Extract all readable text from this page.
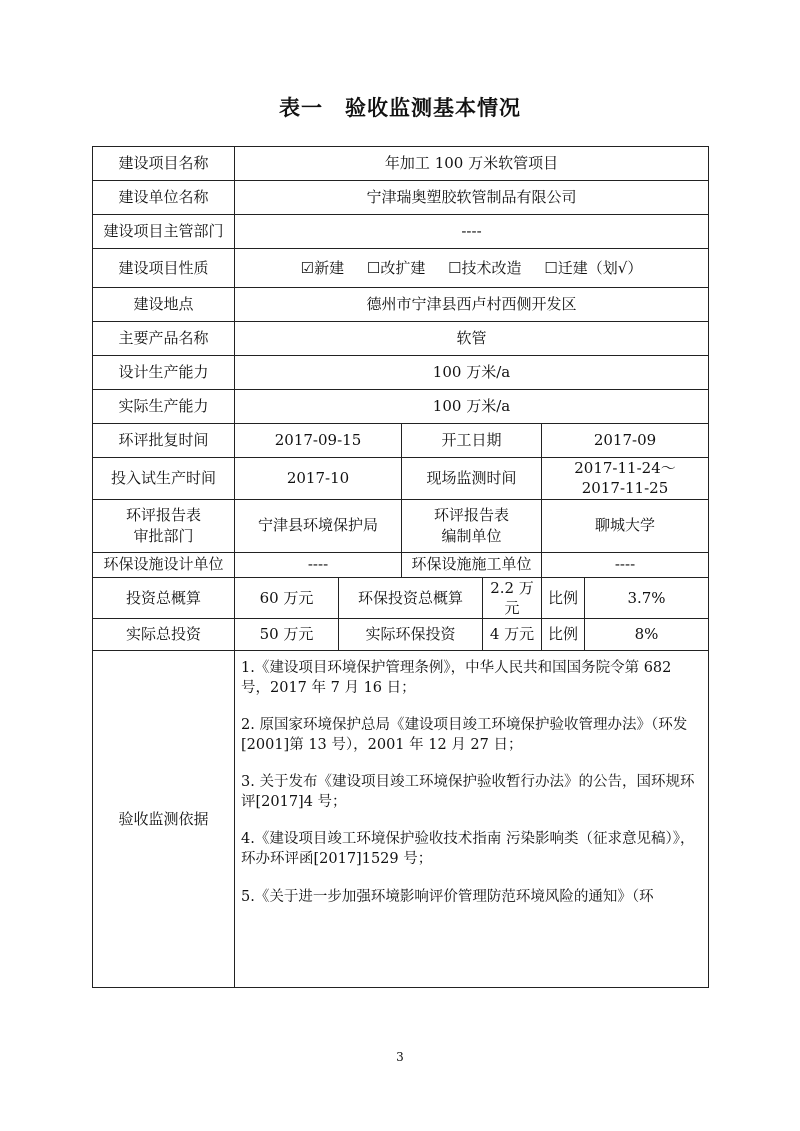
表一 验收监测基本情况
建设项目名称	年加工 100 万米软管项目					
建设单位名称	宁津瑞奥塑胶软管制品有限公司					
建设项目主管部门	----					
建设项目性质	☑新建 ☐改扩建 ☐技术改造 ☐迁建（划√）					
建设地点	德州市宁津县西卢村西侧开发区					
主要产品名称	软管					
设计生产能力	100 万米/a					
实际生产能力	100 万米/a					
环评批复时间	2017-09-15		开工日期		2017-09	
投入试生产时间	2017-10		现场监测时间		2017-11-24～
2017-11-25	
环评报告表
审批部门	宁津县环境保护局		环评报告表
编制单位		聊城大学	
环保设施设计单位	----		环保设施施工单位		----	
投资总概算	60 万元	环保投资总概算		2.2 万元	比例	3.7%
实际总投资	50 万元	实际环保投资		4 万元	比例	8%
验收监测依据	1.《建设项目环境保护管理条例》，中华人民共和国国务院令第 682 号，2017 年 7 月 16 日；

2. 原国家环境保护总局《建设项目竣工环境保护验收管理办法》（环发[2001]第 13 号），2001 年 12 月 27 日；

3. 关于发布《建设项目竣工环境保护验收暂行办法》的公告，国环规环评[2017]4 号；

4.《建设项目竣工环境保护验收技术指南 污染影响类（征求意见稿）》，环办环评函[2017]1529 号；

5.《关于进一步加强环境影响评价管理防范环境风险的通知》（环					

3
